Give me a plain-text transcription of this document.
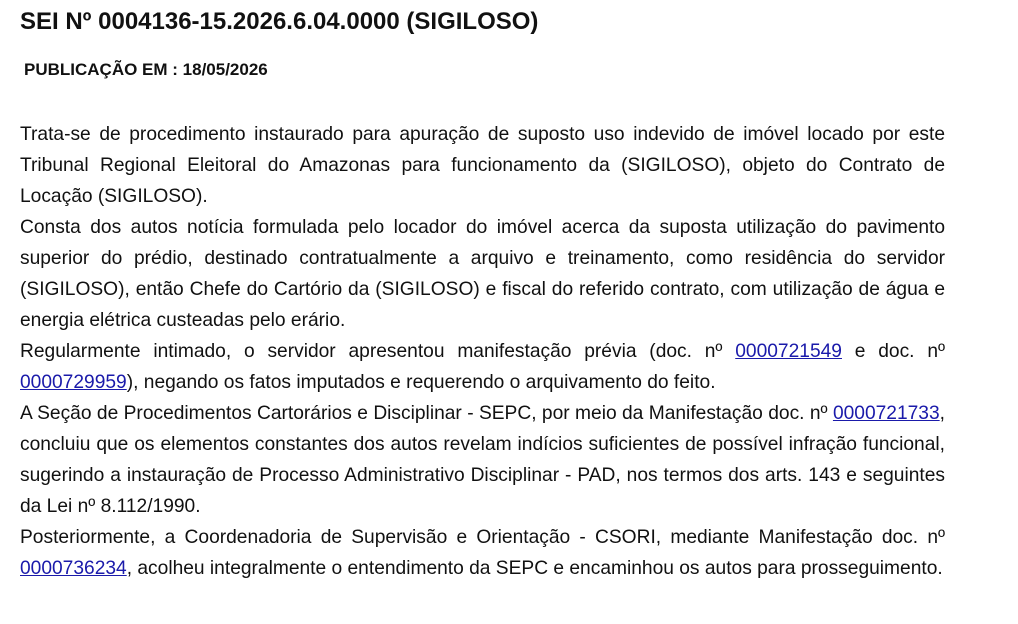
SEI Nº 0004136-15.2026.6.04.0000 (SIGILOSO)
PUBLICAÇÃO EM : 18/05/2026

Trata-se de procedimento instaurado para apuração de suposto uso indevido de imóvel locado por este Tribunal Regional Eleitoral do Amazonas para funcionamento da (SIGILOSO), objeto do Contrato de Locação (SIGILOSO).

Consta dos autos notícia formulada pelo locador do imóvel acerca da suposta utilização do pavimento superior do prédio, destinado contratualmente a arquivo e treinamento, como residência do servidor (SIGILOSO), então Chefe do Cartório da (SIGILOSO) e fiscal do referido contrato, com utilização de água e energia elétrica custeadas pelo erário.

Regularmente intimado, o servidor apresentou manifestação prévia (doc. nº 0000721549 e doc. nº 0000729959), negando os fatos imputados e requerendo o arquivamento do feito.

A Seção de Procedimentos Cartorários e Disciplinar - SEPC, por meio da Manifestação doc. nº 0000721733, concluiu que os elementos constantes dos autos revelam indícios suficientes de possível infração funcional, sugerindo a instauração de Processo Administrativo Disciplinar - PAD, nos termos dos arts. 143 e seguintes da Lei nº 8.112/1990.

Posteriormente, a Coordenadoria de Supervisão e Orientação - CSORI, mediante Manifestação doc. nº 0000736234, acolheu integralmente o entendimento da SEPC e encaminhou os autos para prosseguimento.
